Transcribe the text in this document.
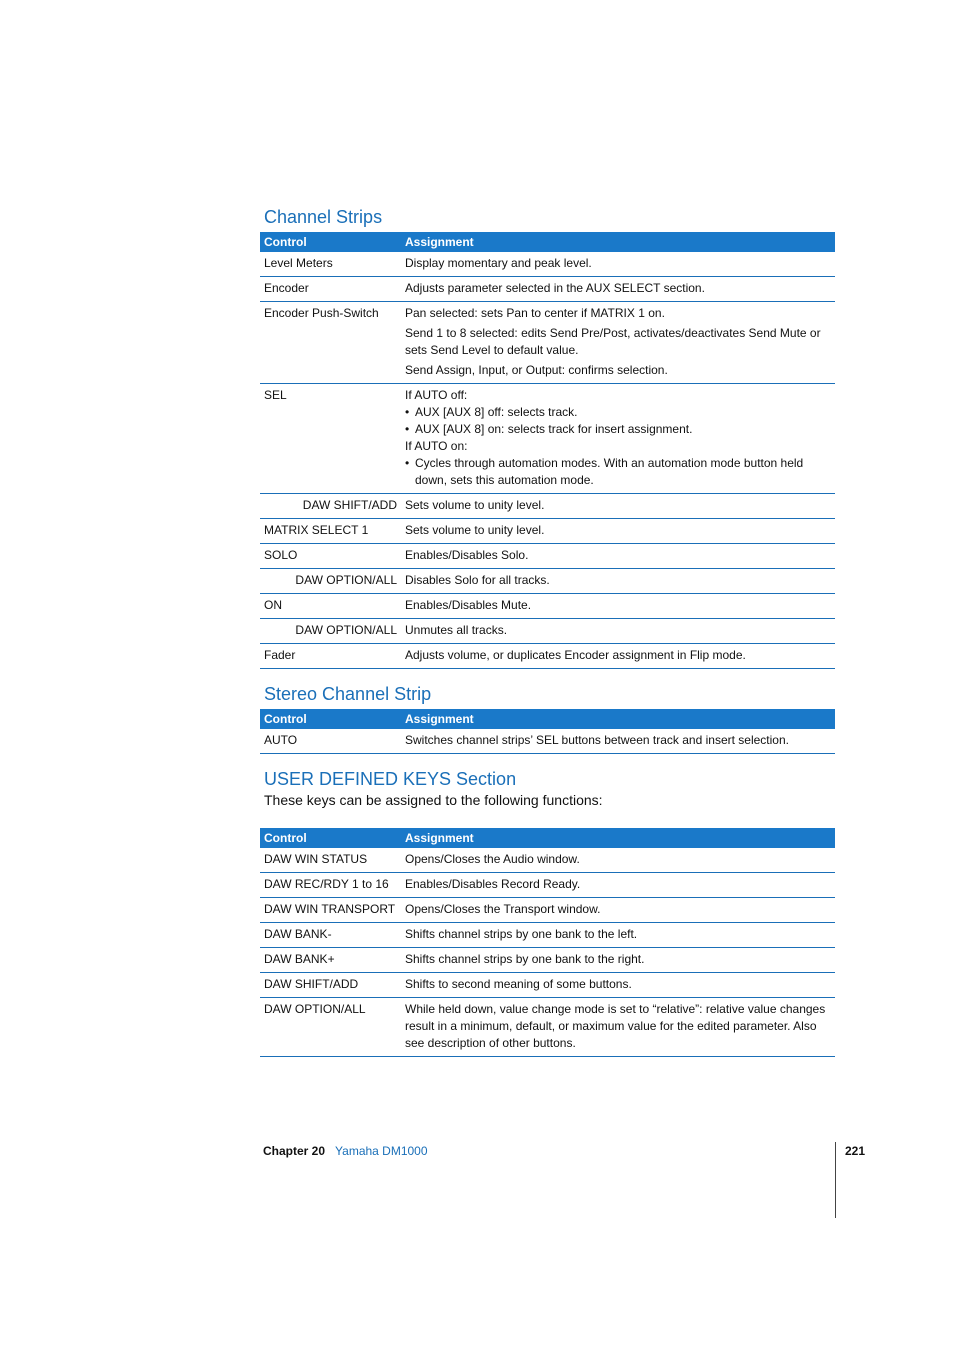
Channel Strips
Control	Assignment
Level Meters	Display momentary and peak level.

Encoder	Adjusts parameter selected in the AUX SELECT section.

Encoder Push-Switch	Pan selected: sets Pan to center if MATRIX 1 on.
Send 1 to 8 selected: edits Send Pre/Post, activates/deactivates Send Mute or sets Send Level to default value.
Send Assign, Input, or Output: confirms selection.

SEL	If AUTO off:
• AUX [AUX 8] off: selects track.
• AUX [AUX 8] on: selects track for insert assignment.
If AUTO on:
• Cycles through automation modes. With an automation mode button held down, sets this automation mode.

DAW SHIFT/ADD	Sets volume to unity level.

MATRIX SELECT 1	Sets volume to unity level.

SOLO	Enables/Disables Solo.

DAW OPTION/ALL	Disables Solo for all tracks.

ON	Enables/Disables Mute.

DAW OPTION/ALL	Unmutes all tracks.

Fader	Adjusts volume, or duplicates Encoder assignment in Flip mode.
Stereo Channel Strip
Control	Assignment
AUTO	Switches channel strips’ SEL buttons between track and insert selection.
USER DEFINED KEYS Section

These keys can be assigned to the following functions:

Control	Assignment
DAW WIN STATUS	Opens/Closes the Audio window.

DAW REC/RDY 1 to 16	Enables/Disables Record Ready.

DAW WIN TRANSPORT	Opens/Closes the Transport window.

DAW BANK-	Shifts channel strips by one bank to the left.

DAW BANK+	Shifts channel strips by one bank to the right.

DAW SHIFT/ADD	Shifts to second meaning of some buttons.

DAW OPTION/ALL	While held down, value change mode is set to “relative”: relative value changes result in a minimum, default, or maximum value for the edited parameter. Also see description of other buttons.
Chapter 20 Yamaha DM1000	221
